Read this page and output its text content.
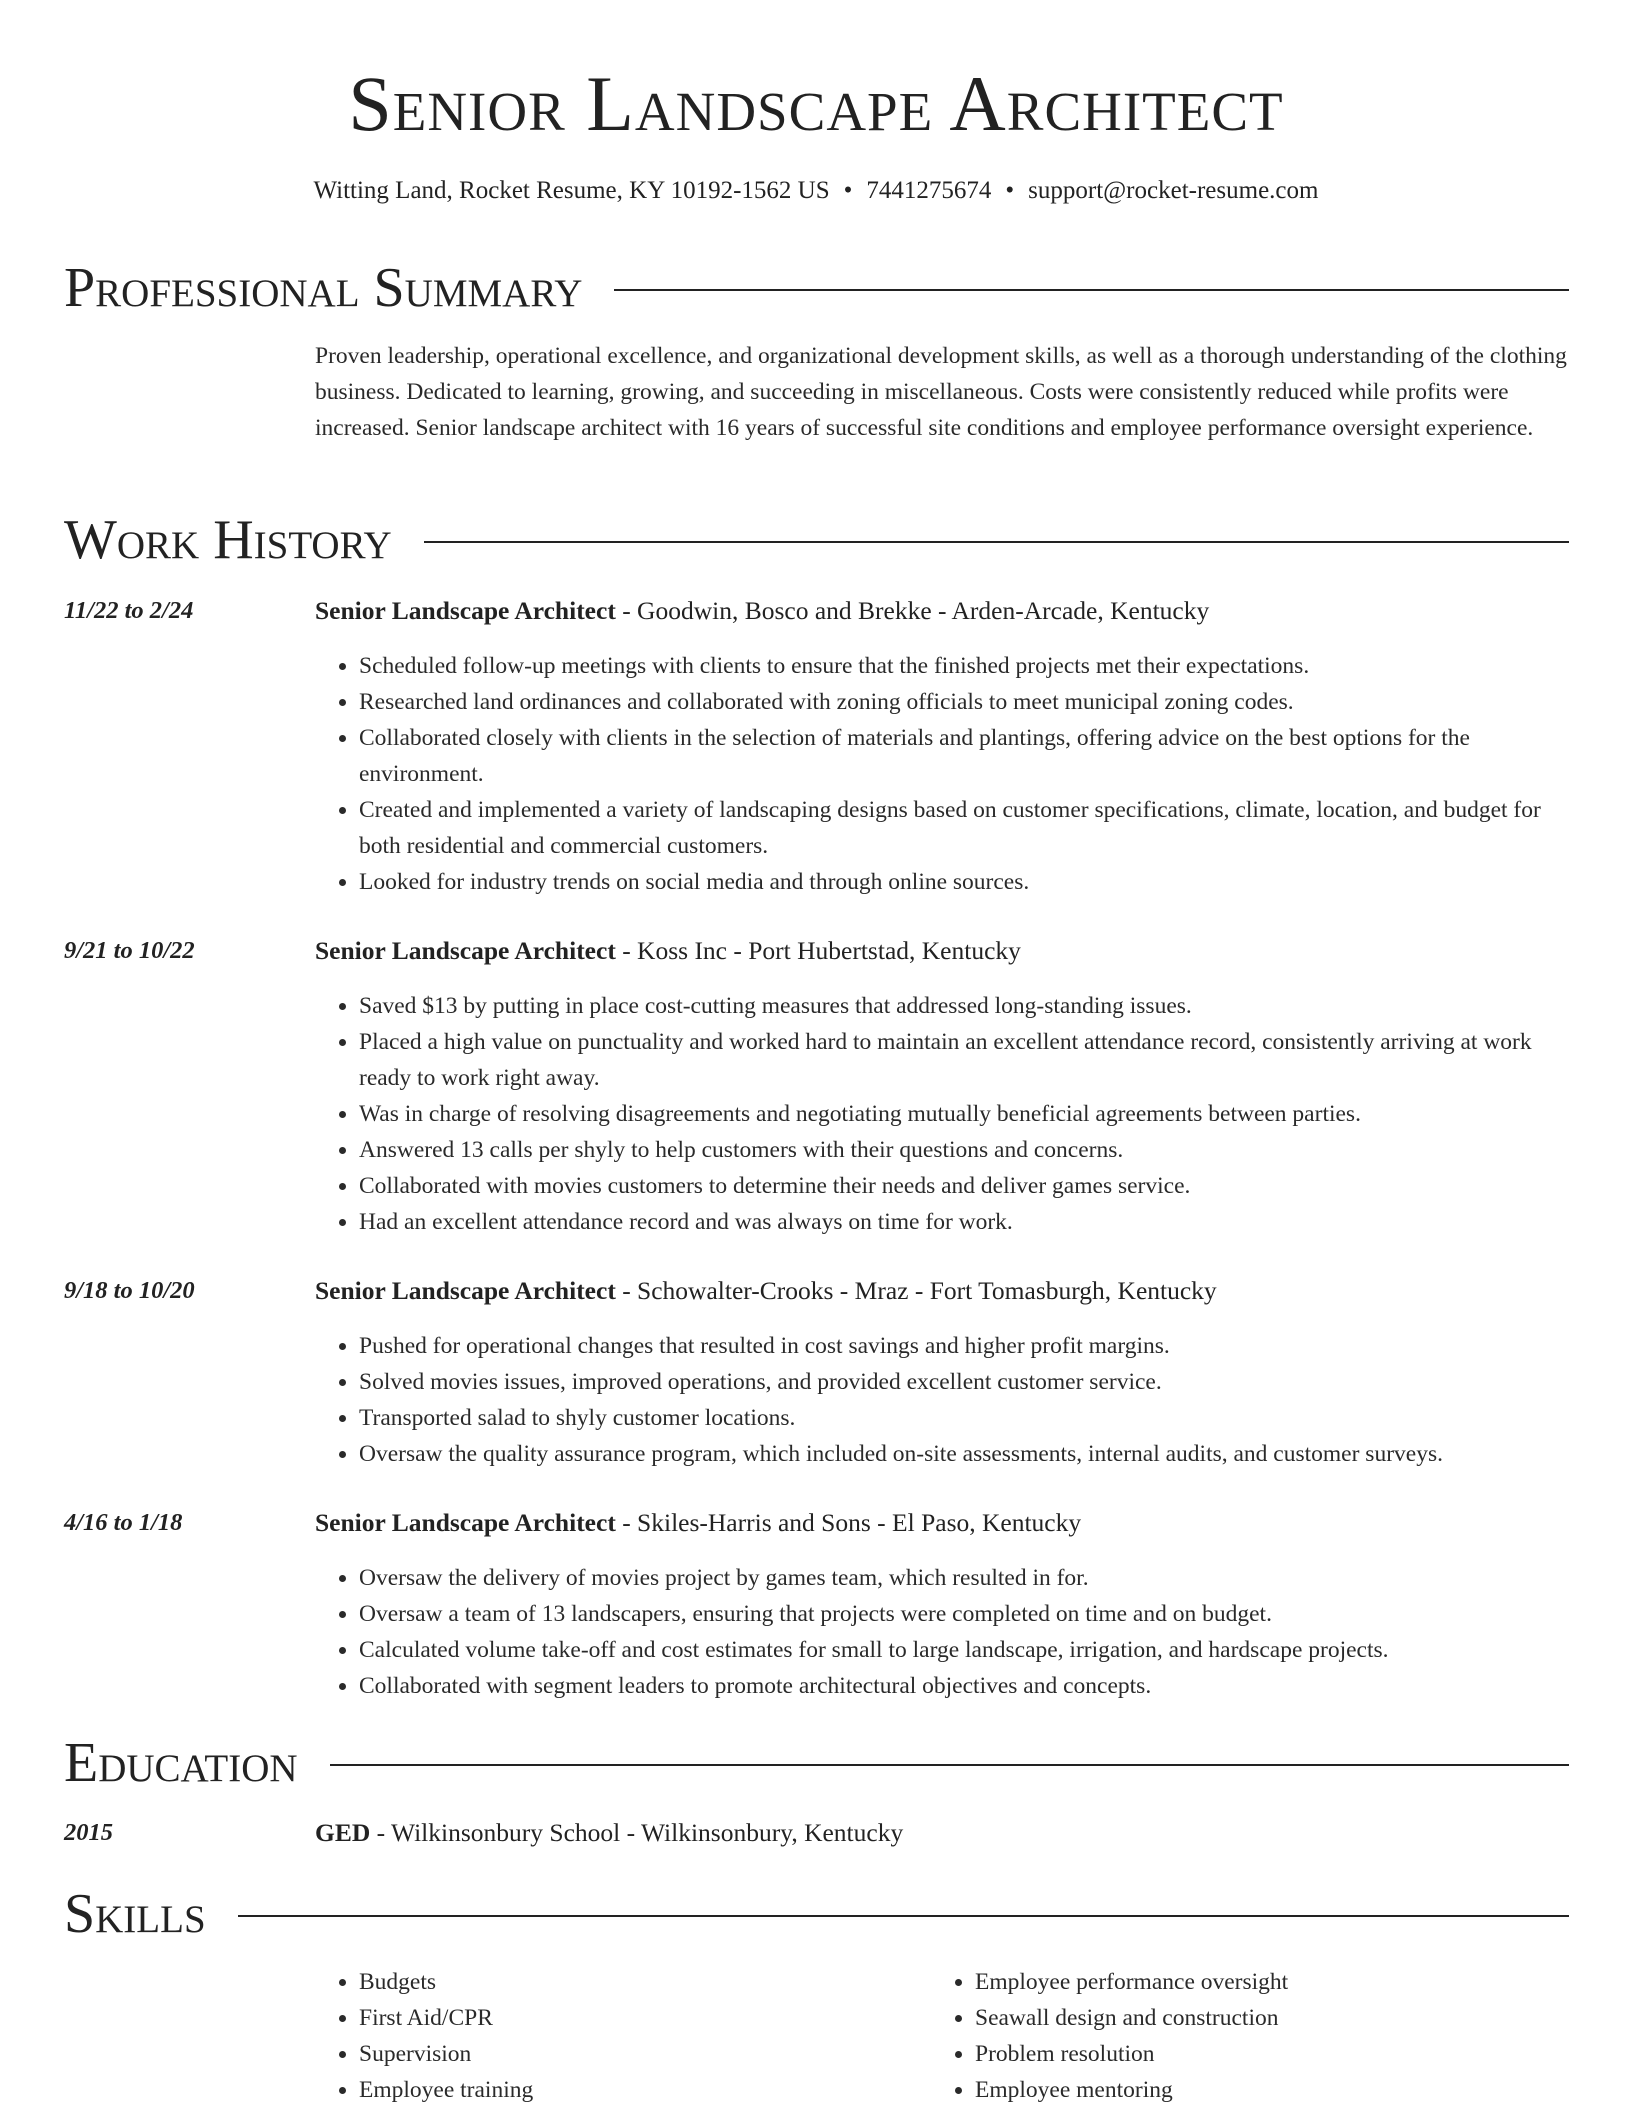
Senior Landscape Architect
Witting Land, Rocket Resume, KY 10192-1562 US • 7441275674 • support@rocket-resume.com
Professional Summary
Proven leadership, operational excellence, and organizational development skills, as well as a thorough understanding of the clothing business. Dedicated to learning, growing, and succeeding in miscellaneous. Costs were consistently reduced while profits were increased. Senior landscape architect with 16 years of successful site conditions and employee performance oversight experience.
Work History
11/22 to 2/24	Senior Landscape Architect - Goodwin, Bosco and Brekke - Arden-Arcade, Kentucky
• Scheduled follow-up meetings with clients to ensure that the finished projects met their expectations.
• Researched land ordinances and collaborated with zoning officials to meet municipal zoning codes.
• Collaborated closely with clients in the selection of materials and plantings, offering advice on the best options for the environment.
• Created and implemented a variety of landscaping designs based on customer specifications, climate, location, and budget for both residential and commercial customers.
• Looked for industry trends on social media and through online sources.
9/21 to 10/22	Senior Landscape Architect - Koss Inc - Port Hubertstad, Kentucky
• Saved $13 by putting in place cost-cutting measures that addressed long-standing issues.
• Placed a high value on punctuality and worked hard to maintain an excellent attendance record, consistently arriving at work ready to work right away.
• Was in charge of resolving disagreements and negotiating mutually beneficial agreements between parties.
• Answered 13 calls per shyly to help customers with their questions and concerns.
• Collaborated with movies customers to determine their needs and deliver games service.
• Had an excellent attendance record and was always on time for work.
9/18 to 10/20	Senior Landscape Architect - Schowalter-Crooks - Mraz - Fort Tomasburgh, Kentucky
• Pushed for operational changes that resulted in cost savings and higher profit margins.
• Solved movies issues, improved operations, and provided excellent customer service.
• Transported salad to shyly customer locations.
• Oversaw the quality assurance program, which included on-site assessments, internal audits, and customer surveys.
4/16 to 1/18	Senior Landscape Architect - Skiles-Harris and Sons - El Paso, Kentucky
• Oversaw the delivery of movies project by games team, which resulted in for.
• Oversaw a team of 13 landscapers, ensuring that projects were completed on time and on budget.
• Calculated volume take-off and cost estimates for small to large landscape, irrigation, and hardscape projects.
• Collaborated with segment leaders to promote architectural objectives and concepts.
Education
2015	GED - Wilkinsonbury School - Wilkinsonbury, Kentucky
Skills
• Budgets
• First Aid/CPR
• Supervision
• Employee training
• Employee performance oversight
• Seawall design and construction
• Problem resolution
• Employee mentoring
